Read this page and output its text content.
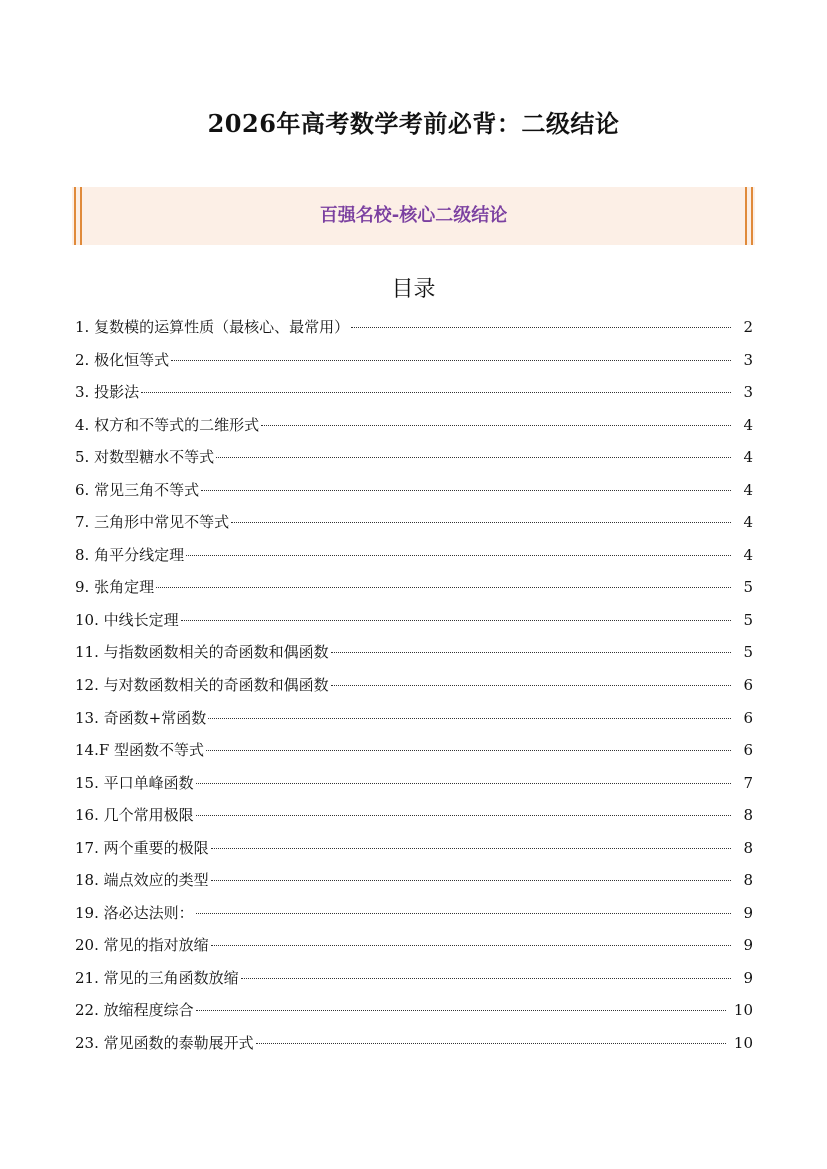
2026年高考数学考前必背：二级结论
百强名校-核心二级结论
目录
1. 复数模的运算性质（最核心、最常用）	2
2. 极化恒等式	3
3. 投影法	3
4. 权方和不等式的二维形式	4
5. 对数型糖水不等式	4
6. 常见三角不等式	4
7. 三角形中常见不等式	4
8. 角平分线定理	4
9. 张角定理	5
10. 中线长定理	5
11. 与指数函数相关的奇函数和偶函数	5
12. 与对数函数相关的奇函数和偶函数	6
13. 奇函数+常函数	6
14.F 型函数不等式	6
15. 平口单峰函数	7
16. 几个常用极限	8
17. 两个重要的极限	8
18. 端点效应的类型	8
19. 洛必达法则：	9
20. 常见的指对放缩	9
21. 常见的三角函数放缩	9
22. 放缩程度综合	10
23. 常见函数的泰勒展开式	10
